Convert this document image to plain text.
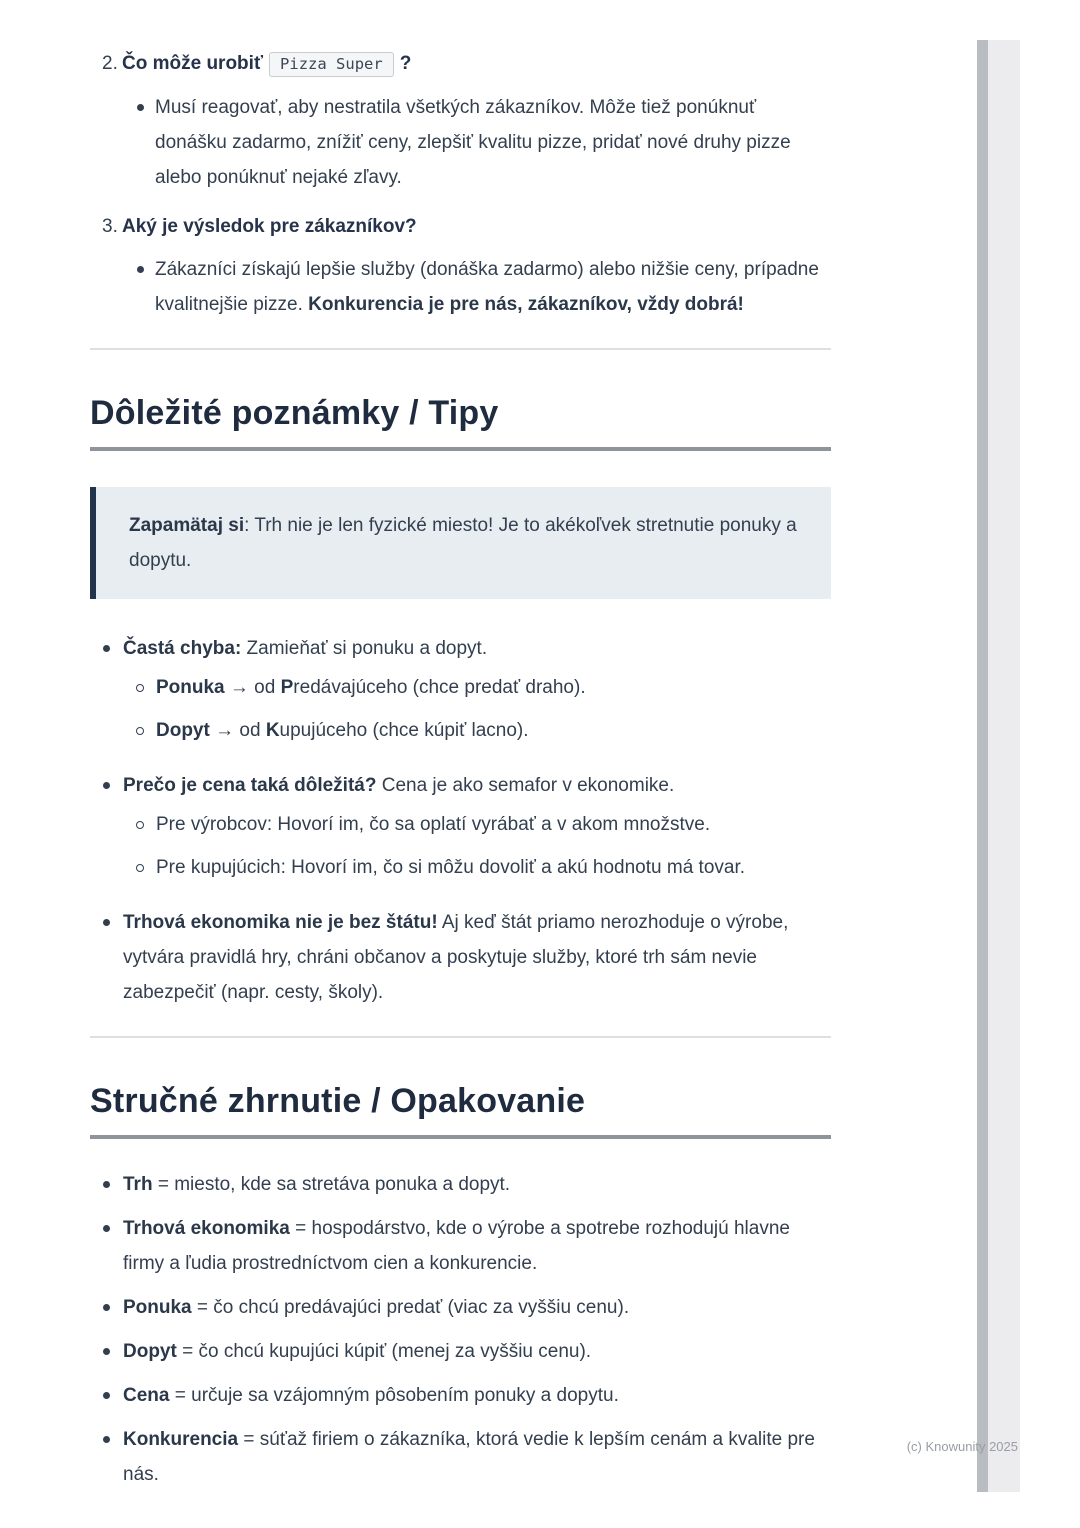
2. Čo môže urobiť Pizza Super ?

Musí reagovať, aby nestratila všetkých zákazníkov. Môže tiež ponúknuť donášku zadarmo, znížiť ceny, zlepšiť kvalitu pizze, pridať nové druhy pizze alebo ponúknuť nejaké zľavy.

3. Aký je výsledok pre zákazníkov?

Zákazníci získajú lepšie služby (donáška zadarmo) alebo nižšie ceny, prípadne kvalitnejšie pizze. Konkurencia je pre nás, zákazníkov, vždy dobrá!

Dôležité poznámky / Tipy

Zapamätaj si: Trh nie je len fyzické miesto! Je to akékoľvek stretnutie ponuky a dopytu.

Častá chyba: Zamieňať si ponuku a dopyt.

Ponuka → od Predávajúceho (chce predať draho).

Dopyt → od Kupujúceho (chce kúpiť lacno).

Prečo je cena taká dôležitá? Cena je ako semafor v ekonomike.

Pre výrobcov: Hovorí im, čo sa oplatí vyrábať a v akom množstve.

Pre kupujúcich: Hovorí im, čo si môžu dovoliť a akú hodnotu má tovar.

Trhová ekonomika nie je bez štátu! Aj keď štát priamo nerozhoduje o výrobe, vytvára pravidlá hry, chráni občanov a poskytuje služby, ktoré trh sám nevie zabezpečiť (napr. cesty, školy).

Stručné zhrnutie / Opakovanie

Trh = miesto, kde sa stretáva ponuka a dopyt.

Trhová ekonomika = hospodárstvo, kde o výrobe a spotrebe rozhodujú hlavne firmy a ľudia prostredníctvom cien a konkurencie.

Ponuka = čo chcú predávajúci predať (viac za vyššiu cenu).

Dopyt = čo chcú kupujúci kúpiť (menej za vyššiu cenu).

Cena = určuje sa vzájomným pôsobením ponuky a dopytu.

Konkurencia = súťaž firiem o zákazníka, ktorá vedie k lepším cenám a kvalite pre nás.

(c) Knowunity 2025
